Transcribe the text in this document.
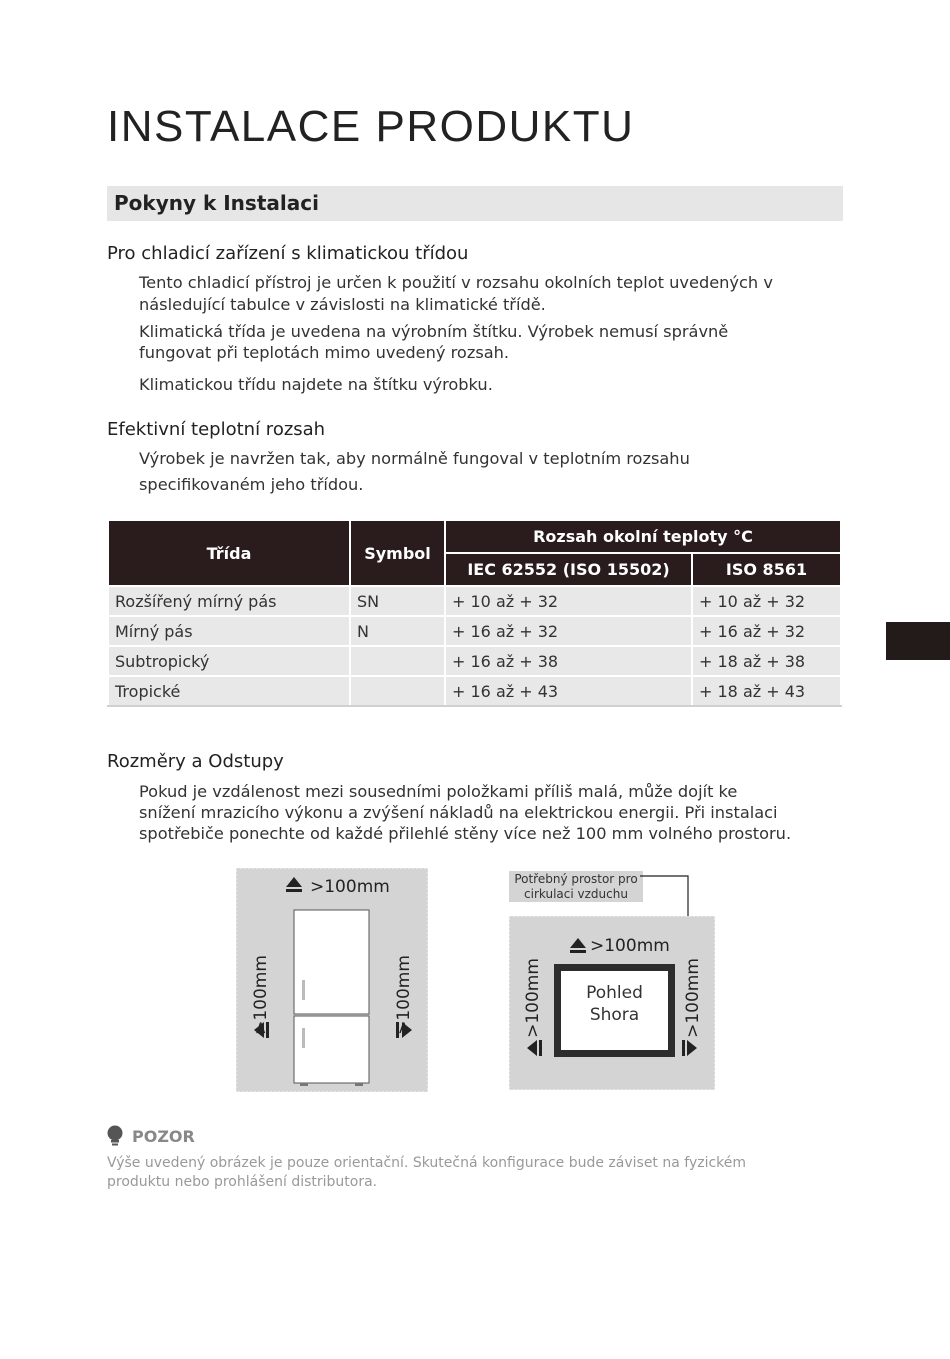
INSTALACE PRODUKTU
Pokyny k Instalaci
Pro chladicí zařízení s klimatickou třídou
Tento chladicí přístroj je určen k použití v rozsahu okolních teplot uvedených v
následující tabulce v závislosti na klimatické třídě.
Klimatická třída je uvedena na výrobním štítku. Výrobek nemusí správně
fungovat při teplotách mimo uvedený rozsah.
Klimatickou třídu najdete na štítku výrobku.
Efektivní teplotní rozsah
Výrobek je navržen tak, aby normálně fungoval v teplotním rozsahu
specifikovaném jeho třídou.
Třída	Symbol	Rozsah okolní teploty °C	
		IEC 62552 (ISO 15502)	ISO 8561
Rozšířený mírný pás	SN	+ 10 až + 32	+ 10 až + 32
Mírný pás	N	+ 16 až + 32	+ 16 až + 32
Subtropický		+ 16 až + 38	+ 18 až + 38
Tropické		+ 16 až + 43	+ 18 až + 43
Rozměry a Odstupy
Pokud je vzdálenost mezi sousedními položkami příliš malá, může dojít ke
snížení mrazicího výkonu a zvýšení nákladů na elektrickou energii. Při instalaci
spotřebiče ponechte od každé přilehlé stěny více než 100 mm volného prostoru.
>100mm
>100mm	>100mm
Potřebný prostor pro
cirkulaci vzduchu
>100mm
>100mm	>100mm
Pohled
Shora
POZOR
Výše uvedený obrázek je pouze orientační. Skutečná konfigurace bude záviset na fyzickém
produktu nebo prohlášení distributora.
